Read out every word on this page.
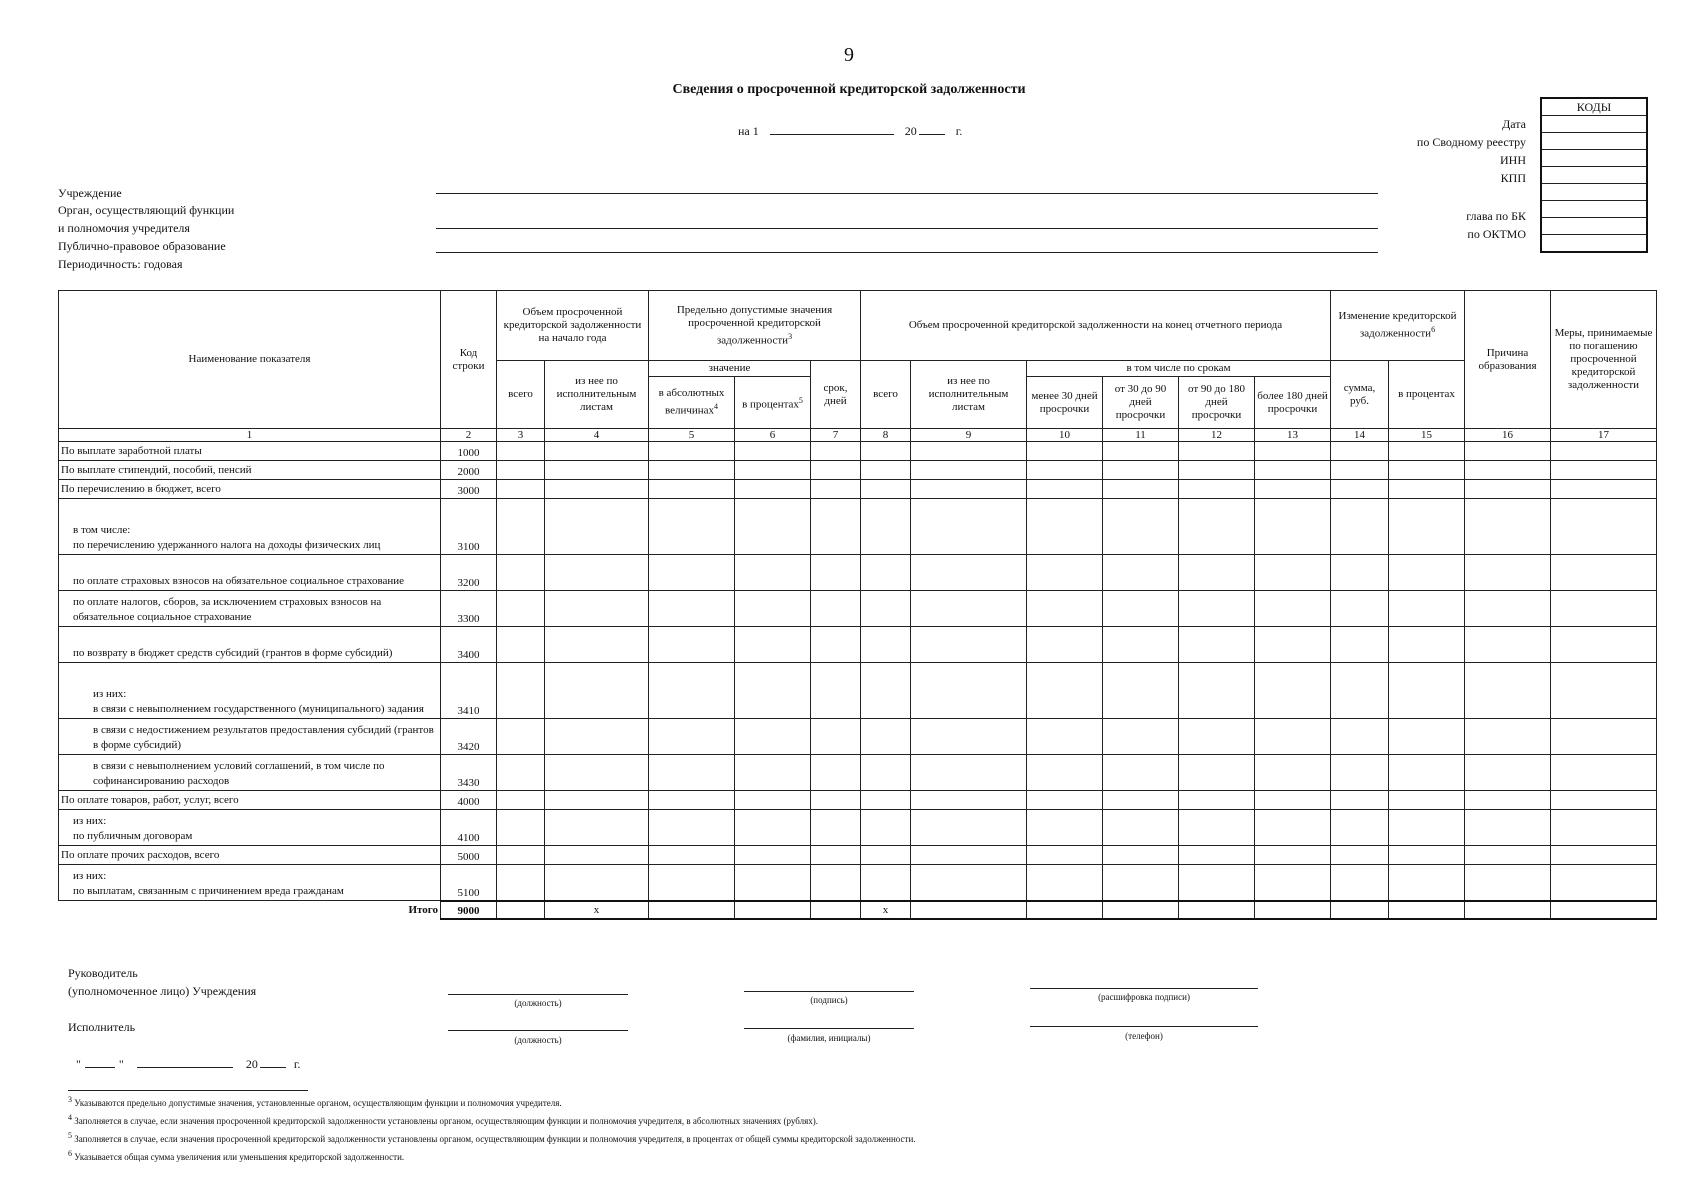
9
Сведения о просроченной кредиторской задолженности
на 1	20	г.	Дата
по Сводному реестру
ИНН
КПП
глава по БК
по ОКТМО
КОДЫ

Учреждение
Орган, осуществляющий функции
и полномочия учредителя
Публично-правовое образование
Периодичность: годовая
Наименование показателя	Код строки	Объем просроченной кредиторской задолженности на начало года		Предельно допустимые значения просроченной кредиторской задолженности$^3$			Объем просроченной кредиторской задолженности на конец отчетного периода						Изменение кредиторской задолженности$^6$		Причина образования	Меры, принимаемые по погашению просроченной кредиторской задолженности
		всего	из нее по исполнительным листам	значение		срок, дней	всего	из нее по исполнительным листам	в том числе по срокам				сумма, руб.	в процентах		
				в абсолютных величинах$^4$	в процентах$^5$				менее 30 дней просрочки	от 30 до 90 дней просрочки	от 90 до 180 дней просрочки	более 180 дней просрочки				
1	2	3	4	5	6	7	8	9	10	11	12	13	14	15	16	17
По выплате заработной платы	1000															
По выплате стипендий, пособий, пенсий	2000															
По перечислению в бюджет, всего	3000															
в том числе:
по перечислению удержанного налога на доходы физических лиц	3100															
по оплате страховых взносов на обязательное социальное страхование	3200															
по оплате налогов, сборов, за исключением страховых взносов на обязательное социальное страхование	3300															
по возврату в бюджет средств субсидий (грантов в форме субсидий)	3400															
из них:
в связи с невыполнением государственного (муниципального) задания	3410															
в связи с недостижением результатов предоставления субсидий (грантов в форме субсидий)	3420															
в связи с невыполнением условий соглашений, в том числе по софинансированию расходов	3430															
По оплате товаров, работ, услуг, всего	4000															
из них:
по публичным договорам	4100															
По оплате прочих расходов, всего	5000															
из них:
по выплатам, связанным с причинением вреда гражданам	5100															
Итого	9000		x				x									
Руководитель
(уполномоченное лицо) Учреждения
(должность)	(подпись)	(расшифровка подписи)
Исполнитель
(должность)	(фамилия, инициалы)	(телефон)
"	"	20	г.
$^3$ Указываются предельно допустимые значения, установленные органом, осуществляющим функции и полномочия учредителя.
$^4$ Заполняется в случае, если значения просроченной кредиторской задолженности установлены органом, осуществляющим функции и полномочия учредителя, в абсолютных значениях (рублях).
$^5$ Заполняется в случае, если значения просроченной кредиторской задолженности установлены органом, осуществляющим функции и полномочия учредителя, в процентах от общей суммы кредиторской задолженности.
$^6$ Указывается общая сумма увеличения или уменьшения кредиторской задолженности.
